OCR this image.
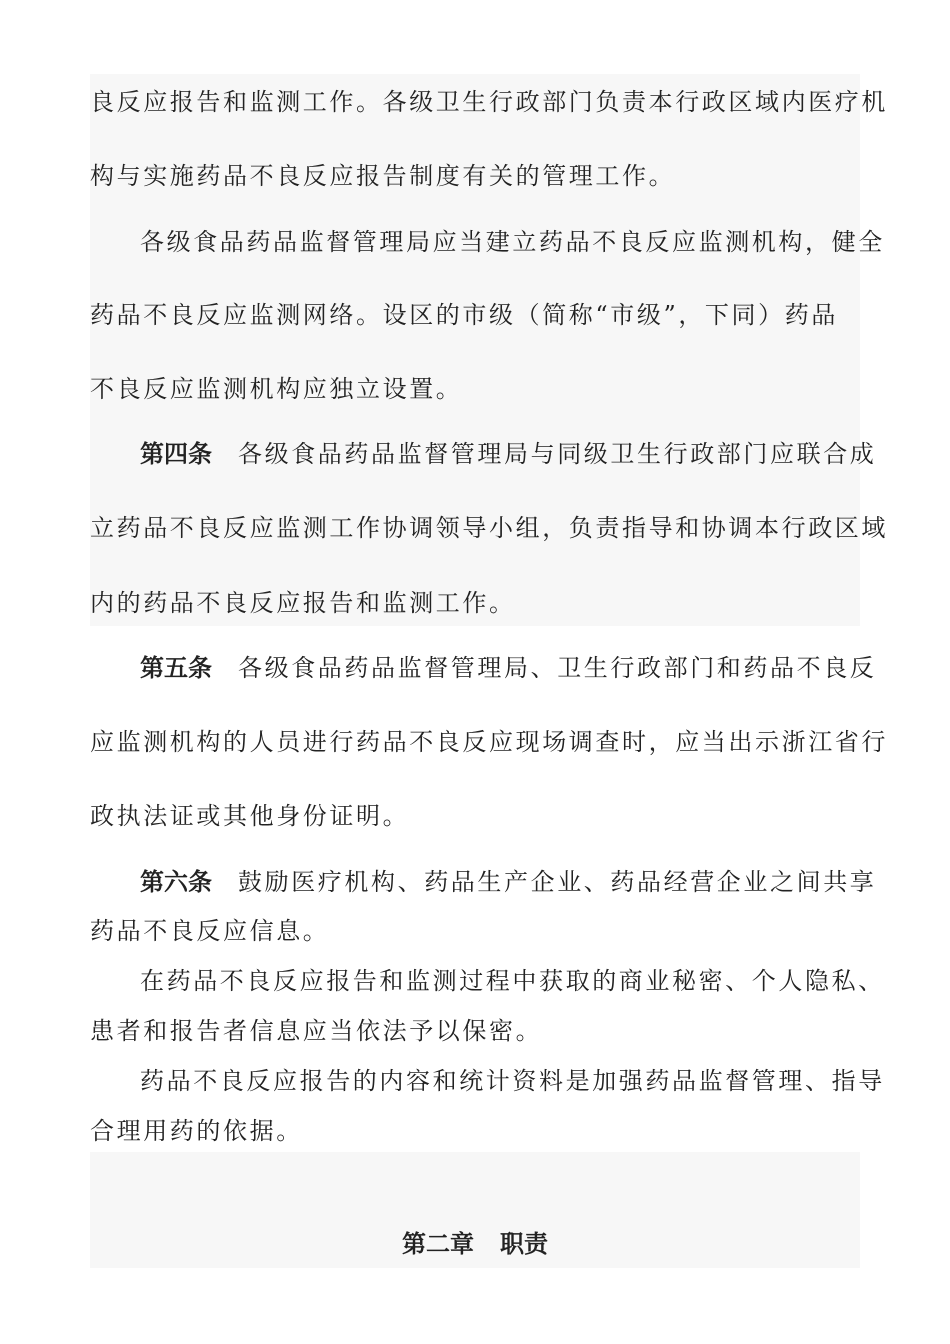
良反应报告和监测工作。各级卫生行政部门负责本行政区域内医疗机
构与实施药品不良反应报告制度有关的管理工作。
各级食品药品监督管理局应当建立药品不良反应监测机构，健全
药品不良反应监测网络。设区的市级（简称“市级”，下同）药品
不良反应监测机构应独立设置。
第四条 各级食品药品监督管理局与同级卫生行政部门应联合成
立药品不良反应监测工作协调领导小组，负责指导和协调本行政区域
内的药品不良反应报告和监测工作。
第五条 各级食品药品监督管理局、卫生行政部门和药品不良反
应监测机构的人员进行药品不良反应现场调查时，应当出示浙江省行
政执法证或其他身份证明。
第六条 鼓励医疗机构、药品生产企业、药品经营企业之间共享
药品不良反应信息。
在药品不良反应报告和监测过程中获取的商业秘密、个人隐私、
患者和报告者信息应当依法予以保密。
药品不良反应报告的内容和统计资料是加强药品监督管理、指导
合理用药的依据。
第二章 职责
